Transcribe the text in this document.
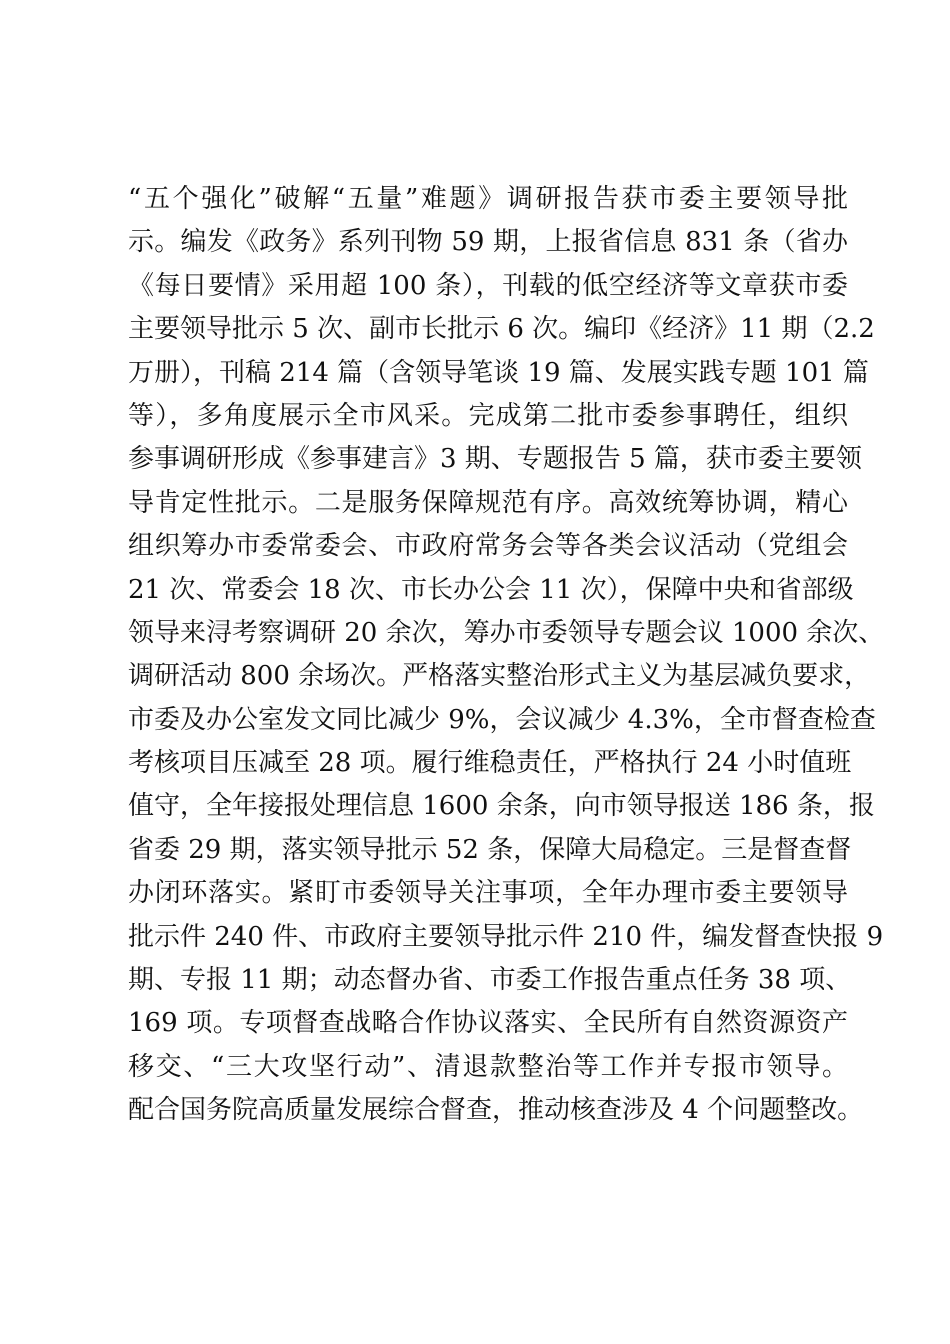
“五个强化”破解“五量”难题》调研报告获市委主要领导批
示。编发《政务》系列刊物 59 期，上报省信息 831 条（省办
《每日要情》采用超 100 条），刊载的低空经济等文章获市委
主要领导批示 5 次、副市长批示 6 次。编印《经济》11 期（2.2
万册），刊稿 214 篇（含领导笔谈 19 篇、发展实践专题 101 篇
等），多角度展示全市风采。完成第二批市委参事聘任，组织
参事调研形成《参事建言》3 期、专题报告 5 篇，获市委主要领
导肯定性批示。二是服务保障规范有序。高效统筹协调，精心
组织筹办市委常委会、市政府常务会等各类会议活动（党组会
21 次、常委会 18 次、市长办公会 11 次），保障中央和省部级
领导来浔考察调研 20 余次，筹办市委领导专题会议 1000 余次、
调研活动 800 余场次。严格落实整治形式主义为基层减负要求，
市委及办公室发文同比减少 9%，会议减少 4.3%，全市督查检查
考核项目压减至 28 项。履行维稳责任，严格执行 24 小时值班
值守，全年接报处理信息 1600 余条，向市领导报送 186 条，报
省委 29 期，落实领导批示 52 条，保障大局稳定。三是督查督
办闭环落实。紧盯市委领导关注事项，全年办理市委主要领导
批示件 240 件、市政府主要领导批示件 210 件，编发督查快报 9
期、专报 11 期；动态督办省、市委工作报告重点任务 38 项、
169 项。专项督查战略合作协议落实、全民所有自然资源资产
移交、“三大攻坚行动”、清退款整治等工作并专报市领导。
配合国务院高质量发展综合督查，推动核查涉及 4 个问题整改。
